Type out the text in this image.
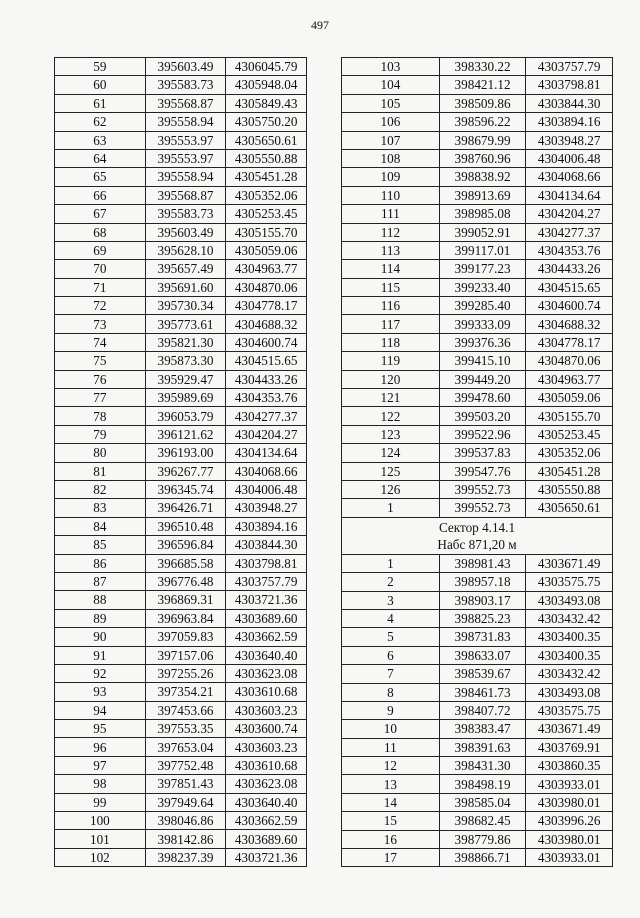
497
59	395603.49	4306045.79
60	395583.73	4305948.04
61	395568.87	4305849.43
62	395558.94	4305750.20
63	395553.97	4305650.61
64	395553.97	4305550.88
65	395558.94	4305451.28
66	395568.87	4305352.06
67	395583.73	4305253.45
68	395603.49	4305155.70
69	395628.10	4305059.06
70	395657.49	4304963.77
71	395691.60	4304870.06
72	395730.34	4304778.17
73	395773.61	4304688.32
74	395821.30	4304600.74
75	395873.30	4304515.65
76	395929.47	4304433.26
77	395989.69	4304353.76
78	396053.79	4304277.37
79	396121.62	4304204.27
80	396193.00	4304134.64
81	396267.77	4304068.66
82	396345.74	4304006.48
83	396426.71	4303948.27
84	396510.48	4303894.16
85	396596.84	4303844.30
86	396685.58	4303798.81
87	396776.48	4303757.79
88	396869.31	4303721.36
89	396963.84	4303689.60
90	397059.83	4303662.59
91	397157.06	4303640.40
92	397255.26	4303623.08
93	397354.21	4303610.68
94	397453.66	4303603.23
95	397553.35	4303600.74
96	397653.04	4303603.23
97	397752.48	4303610.68
98	397851.43	4303623.08
99	397949.64	4303640.40
100	398046.86	4303662.59
101	398142.86	4303689.60
102	398237.39	4303721.36
103	398330.22	4303757.79
104	398421.12	4303798.81
105	398509.86	4303844.30
106	398596.22	4303894.16
107	398679.99	4303948.27
108	398760.96	4304006.48
109	398838.92	4304068.66
110	398913.69	4304134.64
111	398985.08	4304204.27
112	399052.91	4304277.37
113	399117.01	4304353.76
114	399177.23	4304433.26
115	399233.40	4304515.65
116	399285.40	4304600.74
117	399333.09	4304688.32
118	399376.36	4304778.17
119	399415.10	4304870.06
120	399449.20	4304963.77
121	399478.60	4305059.06
122	399503.20	4305155.70
123	399522.96	4305253.45
124	399537.83	4305352.06
125	399547.76	4305451.28
126	399552.73	4305550.88
1	399552.73	4305650.61

Сектор 4.14.1
Набс 871,20 м		

1	398981.43	4303671.49
2	398957.18	4303575.75
3	398903.17	4303493.08
4	398825.23	4303432.42
5	398731.83	4303400.35
6	398633.07	4303400.35
7	398539.67	4303432.42
8	398461.73	4303493.08
9	398407.72	4303575.75
10	398383.47	4303671.49
11	398391.63	4303769.91
12	398431.30	4303860.35
13	398498.19	4303933.01
14	398585.04	4303980.01
15	398682.45	4303996.26
16	398779.86	4303980.01
17	398866.71	4303933.01
